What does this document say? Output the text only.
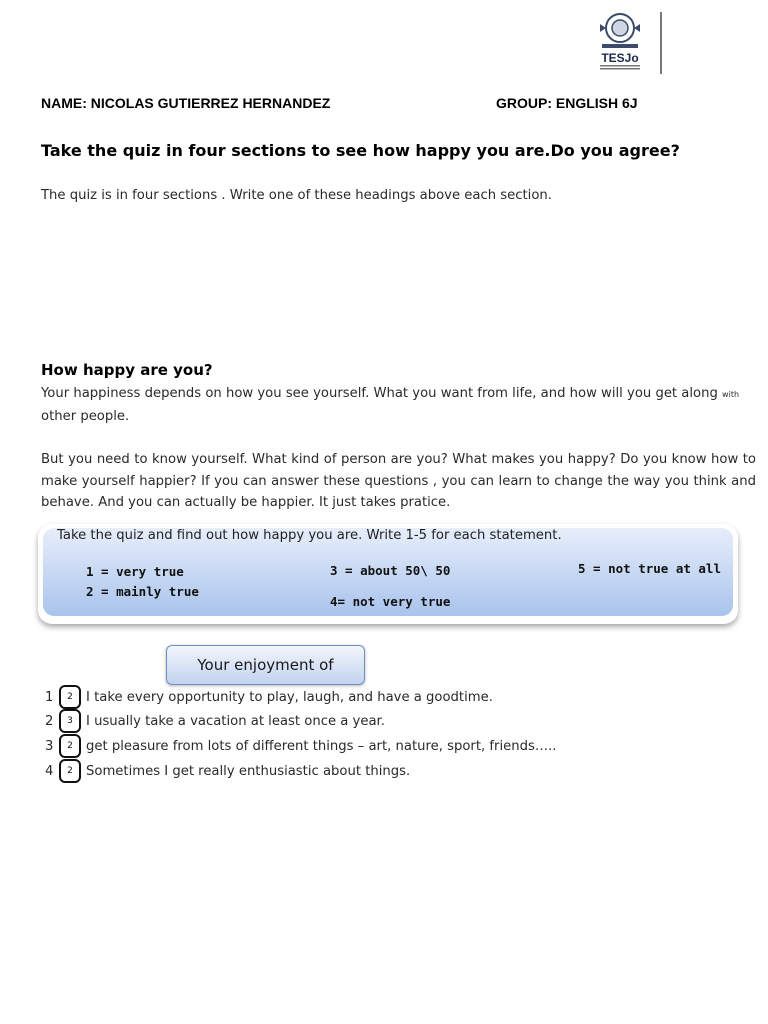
TESJo
NAME: NICOLAS GUTIERREZ HERNANDEZ	GROUP: ENGLISH 6J
Take the quiz in four sections to see how happy you are.Do you agree?
The quiz is in four sections . Write one of these headings above each section.
How happy are you?
Your happiness depends on how you see yourself. What you want from life, and how will you get along with other people.
But you need to know yourself. What kind of person are you? What makes you happy? Do you know how to make yourself happier? If you can answer these questions , you can learn to change the way you think and behave. And you can actually be happier. It just takes pratice.
Take the quiz and find out how happy you are. Write 1-5 for each statement.
1 = very true
2 = mainly true
3 = about 50\ 50
4= not very true
5 = not true at all
Your enjoyment of
1	2 I take every opportunity to play, laugh, and have a goodtime.
2	3 I usually take a vacation at least once a year.
3	2 get pleasure from lots of different things – art, nature, sport, friends…..
4	2 Sometimes I get really enthusiastic about things.
